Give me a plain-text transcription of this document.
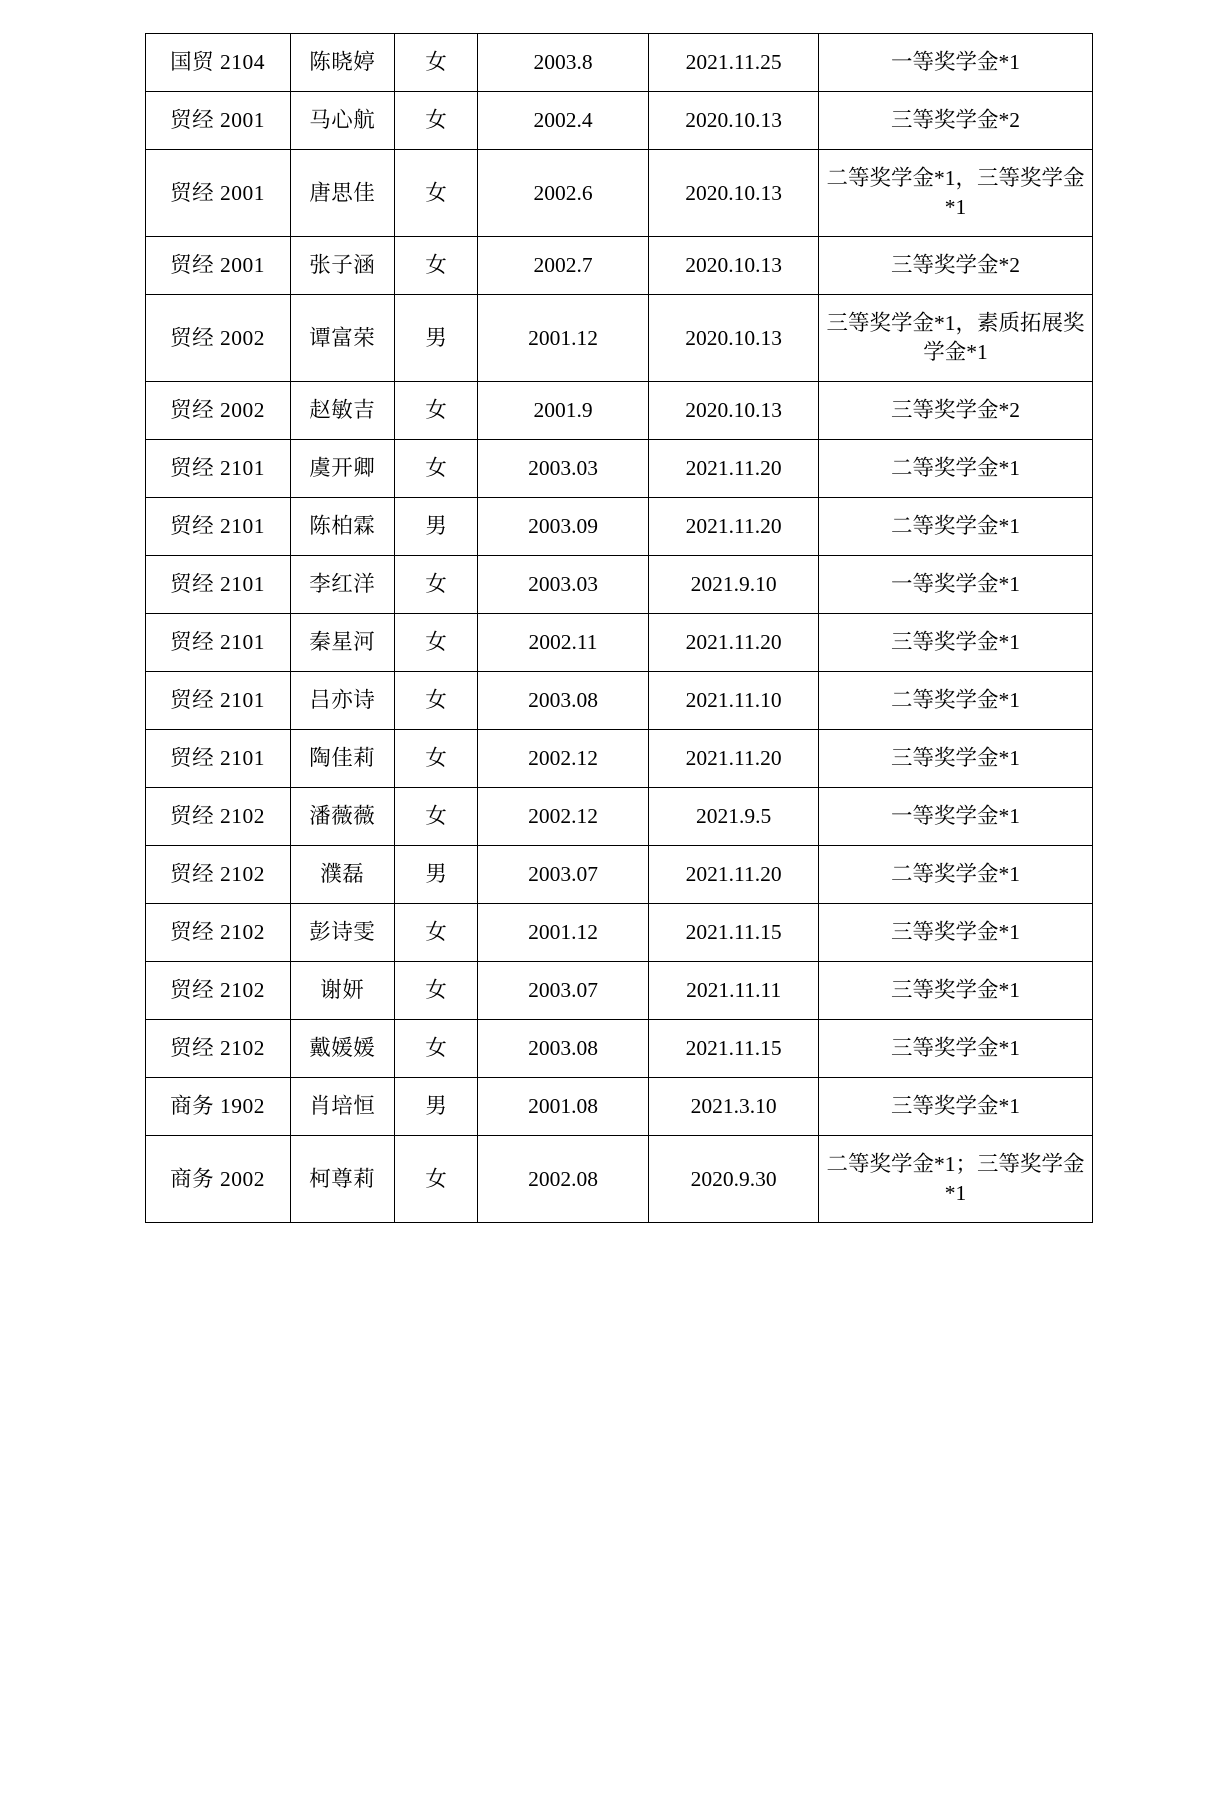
国贸 2104	陈晓婷	女	2003.8	2021.11.25	一等奖学金*1
贸经 2001	马心航	女	2002.4	2020.10.13	三等奖学金*2
贸经 2001	唐思佳	女	2002.6	2020.10.13	二等奖学金*1，三等奖学金*1
贸经 2001	张子涵	女	2002.7	2020.10.13	三等奖学金*2
贸经 2002	谭富荣	男	2001.12	2020.10.13	三等奖学金*1，素质拓展奖学金*1
贸经 2002	赵敏吉	女	2001.9	2020.10.13	三等奖学金*2
贸经 2101	虞开卿	女	2003.03	2021.11.20	二等奖学金*1
贸经 2101	陈柏霖	男	2003.09	2021.11.20	二等奖学金*1
贸经 2101	李红洋	女	2003.03	2021.9.10	一等奖学金*1
贸经 2101	秦星河	女	2002.11	2021.11.20	三等奖学金*1
贸经 2101	吕亦诗	女	2003.08	2021.11.10	二等奖学金*1
贸经 2101	陶佳莉	女	2002.12	2021.11.20	三等奖学金*1
贸经 2102	潘薇薇	女	2002.12	2021.9.5	一等奖学金*1
贸经 2102	濮磊	男	2003.07	2021.11.20	二等奖学金*1
贸经 2102	彭诗雯	女	2001.12	2021.11.15	三等奖学金*1
贸经 2102	谢妍	女	2003.07	2021.11.11	三等奖学金*1
贸经 2102	戴媛媛	女	2003.08	2021.11.15	三等奖学金*1
商务 1902	肖培恒	男	2001.08	2021.3.10	三等奖学金*1
商务 2002	柯尊莉	女	2002.08	2020.9.30	二等奖学金*1；三等奖学金*1
